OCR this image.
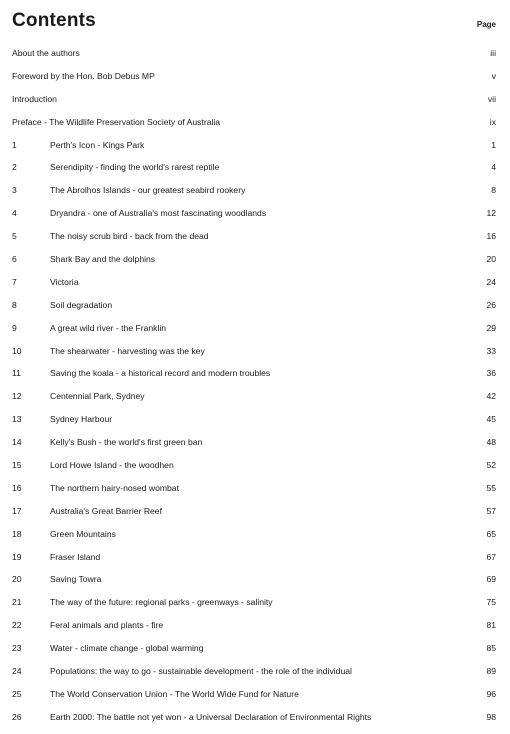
Contents	Page
About the authors	iii
Foreword by the Hon. Bob Debus MP	v
Introduction	vii
Preface - The Wildlife Preservation Society of Australia	ix
1	Perth's Icon - Kings Park	1
2	Serendipity - finding the world's rarest reptile	4
3	The Abrolhos Islands - our greatest seabird rookery	8
4	Dryandra - one of Australia's most fascinating woodlands	12
5	The noisy scrub bird - back from the dead	16
6	Shark Bay and the dolphins	20
7	Victoria	24
8	Soil degradation	26
9	A great wild river - the Franklin	29
10	The shearwater - harvesting was the key	33
11	Saving the koala - a historical record and modern troubles	36
12	Centennial Park, Sydney	42
13	Sydney Harbour	45
14	Kelly's Bush - the world's first green ban	48
15	Lord Howe Island - the woodhen	52
16	The northern hairy-nosed wombat	55
17	Australia's Great Barrier Reef	57
18	Green Mountains	65
19	Fraser Island	67
20	Saving Towra	69
21	The way of the future: regional parks - greenways - salinity	75
22	Feral animals and plants - fire	81
23	Water - climate change - global warming	85
24	Populations: the way to go - sustainable development - the role of the individual	89
25	The World Conservation Union - The World Wide Fund for Nature	96
26	Earth 2000: The battle not yet won - a Universal Declaration of Environmental Rights	98
